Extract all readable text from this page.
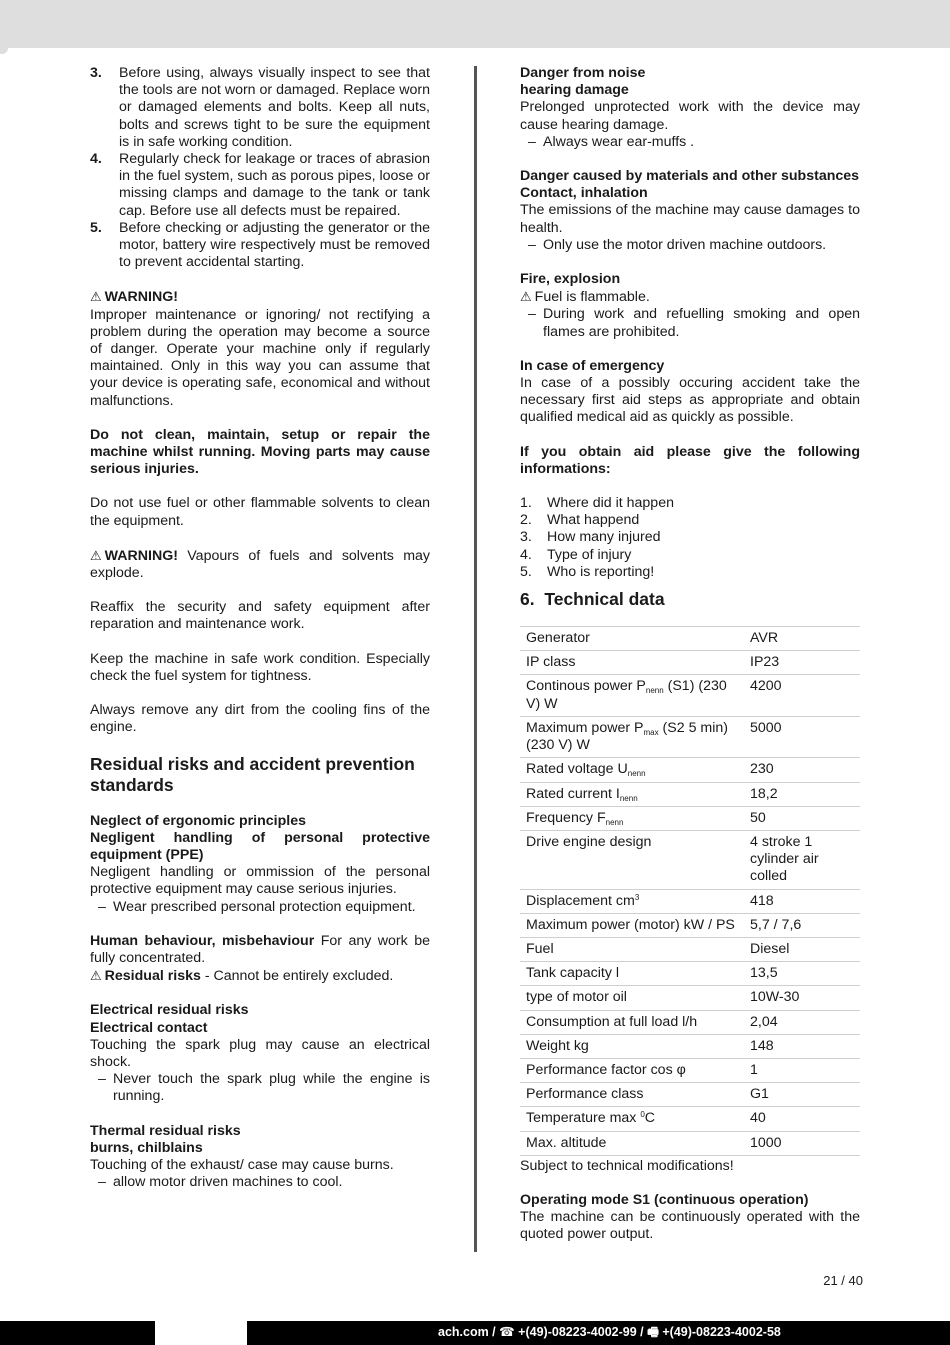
3. Before using, always visually inspect to see that the tools are not worn or damaged. Replace worn or damaged elements and bolts. Keep all nuts, bolts and screws tight to be sure the equipment is in safe working condition.
4. Regularly check for leakage or traces of abrasion in the fuel system, such as porous pipes, loose or missing clamps and damage to the tank or tank cap. Before use all defects must be repaired.
5. Before checking or adjusting the generator or the motor, battery wire respectively must be removed to prevent accidental starting.

⚠ WARNING!

Improper maintenance or ignoring/ not rectifying a problem during the operation may become a source of danger. Operate your machine only if regularly maintained. Only in this way you can assume that your device is operating safe, economical and without malfunctions.

Do not clean, maintain, setup or repair the machine whilst running. Moving parts may cause serious injuries.

Do not use fuel or other flammable solvents to clean the equipment.

⚠ WARNING! Vapours of fuels and solvents may explode.

Reaffix the security and safety equipment after reparation and maintenance work.

Keep the machine in safe work condition. Especially check the fuel system for tightness.

Always remove any dirt from the cooling fins of the engine.

Residual risks and accident prevention standards

Neglect of ergonomic principles

Negligent handling of personal protective equipment (PPE)

Negligent handling or ommission of the personal protective equipment may cause serious injuries.

– Wear prescribed personal protection equipment.

Human behaviour, misbehaviour For any work be fully concentrated.

⚠ Residual risks - Cannot be entirely excluded.

Electrical residual risks

Electrical contact

Touching the spark plug may cause an electrical shock.

– Never touch the spark plug while the engine is running.

Thermal residual risks

burns, chilblains

Touching of the exhaust/ case may cause burns.

– allow motor driven machines to cool.

Danger from noise

hearing damage

Prelonged unprotected work with the device may cause hearing damage.

– Always wear ear-muffs .

Danger caused by materials and other substances

Contact, inhalation

The emissions of the machine may cause damages to health.

– Only use the motor driven machine outdoors.

Fire, explosion

⚠ Fuel is flammable.

– During work and refuelling smoking and open flames are prohibited.

In case of emergency

In case of a possibly occuring accident take the necessary first aid steps as appropriate and obtain qualified medical aid as quickly as possible.

If you obtain aid please give the following informations:

1. Where did it happen
2. What happend
3. How many injured
4. Type of injury
5. Who is reporting!
6.  Technical data
Generator	AVR
IP class	IP23
Continous power $P_{nenn}$ (S1) (230 V) W	4200
Maximum power $P_{max}$ (S2 5 min) (230 V) W	5000
Rated voltage $U_{nenn}$	230
Rated current $I_{nenn}$	18,2
Frequency $F_{nenn}$	50
Drive engine design	4 stroke 1 cylinder air colled
Displacement $cm^3$	418
Maximum power (motor) kW / PS	5,7 / 7,6
Fuel	Diesel
Tank capacity l	13,5
type of motor oil	10W-30
Consumption at full load l/h	2,04
Weight kg	148
Performance factor cos φ	1
Performance class	G1
Temperature max $^0$C	40
Max. altitude	1000

Subject to technical modifications!

Operating mode S1 (continuous operation)

The machine can be continuously operated with the quoted power output.

21 / 40
ach.com / ☎ +(49)-08223-4002-99 / 🖷 +(49)-08223-4002-58
